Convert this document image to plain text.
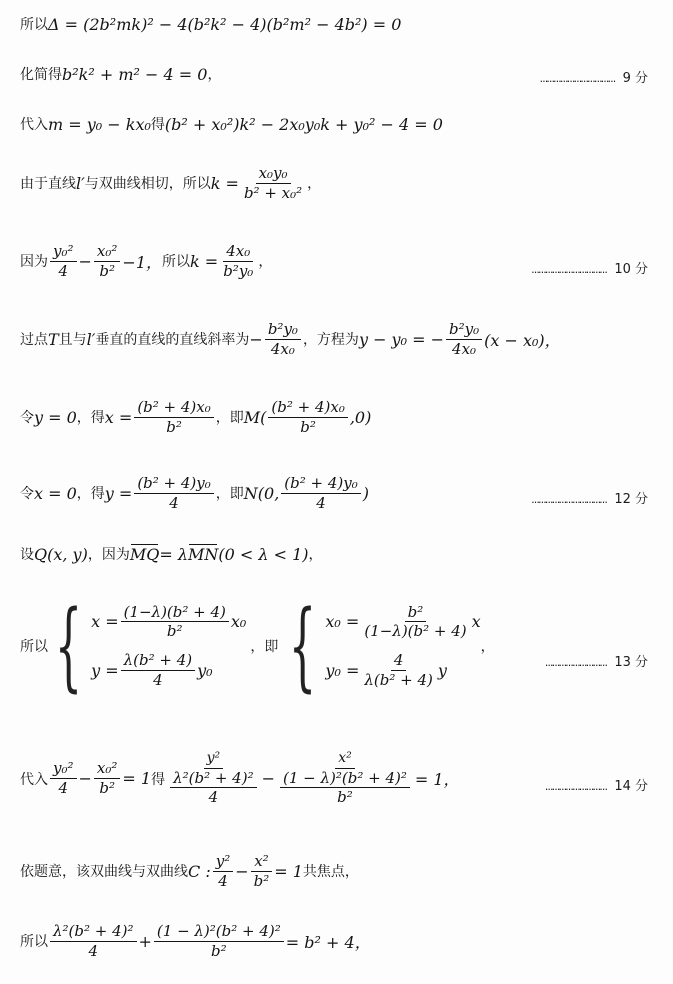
所以 Δ = (2b²mk)² − 4(b²k² − 4)(b²m² − 4b²) = 0
化简得 b²k² + m² − 4 = 0 ，	…………………………… 9 分
代入 m = y₀ − kx₀ 得 (b² + x₀²)k² − 2x₀y₀k + y₀² − 4 = 0
由于直线 l′ 与双曲线相切，所以 $k = \frac{\text{x₀y₀}}{\text{b² + x₀²}}$ ，
因为 $\frac{\text{y₀²}}{4} - \frac{\text{x₀²}}{\text{b²}} -1$， 所以 $k = \frac{\text{4x₀}}{\text{b²y₀}}$ ，	…………………………… 10 分
过点 T 且与 l′ 垂直的直线的直线斜率为 − $\frac{\text{b²y₀}}{\text{4x₀}}$ ，方程为 y − y₀ = − $\frac{\text{b²y₀}}{\text{4x₀}} (x - x_0)$，
令 y = 0 ，得 $x = \frac{\text{(b² + 4)x₀}}{\text{b²}}$ ，即 $M( \frac{\text{(b² + 4)x₀}}{\text{b²}} ,0)$
令 x = 0 ，得 $y = \frac{\text{(b² + 4)y₀}}{4}$ ，即 N(0, $\frac{\text{(b² + 4)y₀}}{4}$ )	…………………………… 12 分
设 Q(x, y) ，因为 MQ = λ MN (0 < λ < 1) ，
所以 { $x = \frac{\text{(1−λ)(b² + 4)}}{\text{b²}} x_0$
$y = \frac{\text{λ(b² + 4)}}{4} y_0$
，即 { $x_0 = \frac{\text{b²}}{\text{(1−λ)(b² + 4)}}$ x
$y_0 = \frac{4}{\text{λ(b² + 4)}}$ y
，
……………………… 13 分
代入 $\frac{\text{y₀²}}{4} - \frac{\text{x₀²}}{\text{b²}} = 1$ 得 $\frac{\text{y²}}{\frac{\text{λ²(b² + 4)²}}{4}} - \frac{\text{x²}}{\frac{\text{(1 − λ)²(b² + 4)²}}{\text{b²}}} = 1$，	……………………… 14 分
依题意，该双曲线与双曲线 C : $\frac{\text{y²}}{4} - \frac{\text{x²}}{\text{b²}} = 1$ 共焦点，
所以 $\frac{\text{λ²(b² + 4)²}}{4} + \frac{\text{(1 − λ)²(b² + 4)²}}{\text{b²}} = b^2 + 4$，
